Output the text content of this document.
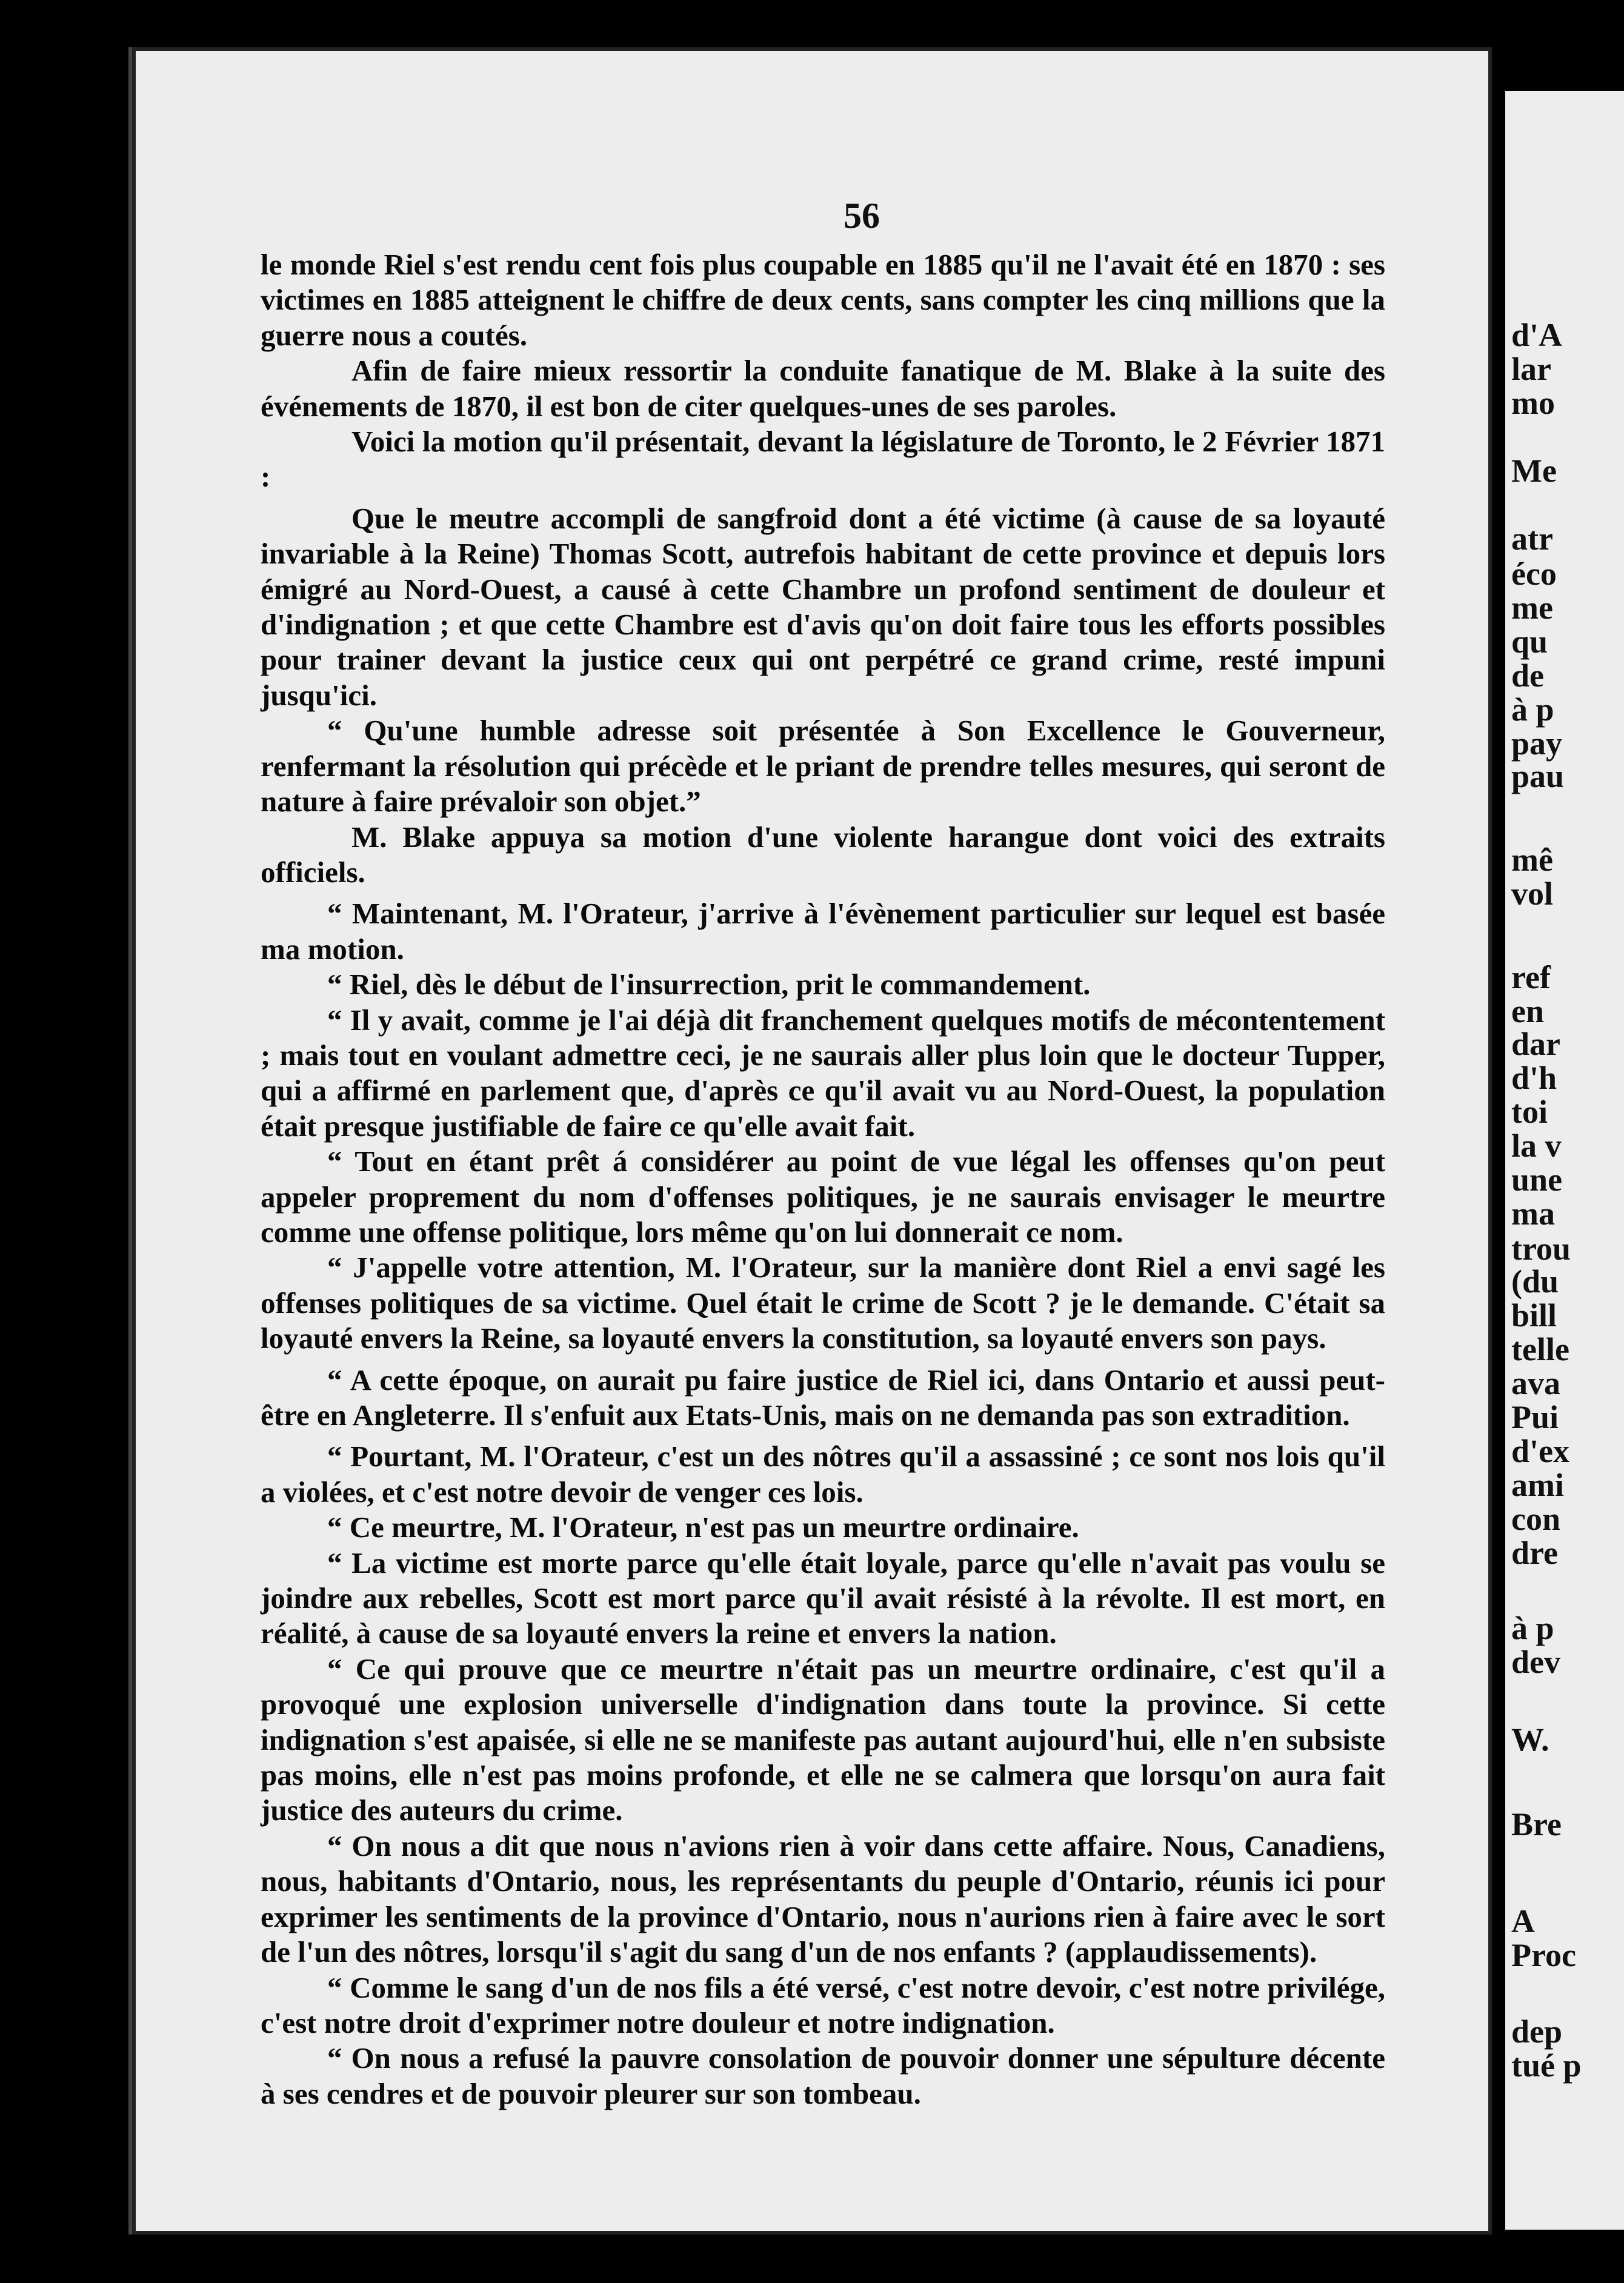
56

le monde Riel s'est rendu cent fois plus coupable en 1885 qu'il ne l'avait été en 1870 : ses victimes en 1885 atteignent le chiffre de deux cents, sans compter les cinq millions que la guerre nous a coutés.

Afin de faire mieux ressortir la conduite fanatique de M. Blake à la suite des événements de 1870, il est bon de citer quelques-unes de ses paroles.

Voici la motion qu'il présentait, devant la législature de Toronto, le 2 Février 1871 :

Que le meutre accompli de sangfroid dont a été victime (à cause de sa loyauté invariable à la Reine) Thomas Scott, autrefois habitant de cette province et depuis lors émigré au Nord-Ouest, a causé à cette Chambre un profond sentiment de douleur et d'indignation ; et que cette Chambre est d'avis qu'on doit faire tous les efforts possibles pour trainer devant la justice ceux qui ont perpétré ce grand crime, resté impuni jusqu'ici.

“ Qu'une humble adresse soit présentée à Son Excellence le Gouverneur, renfermant la résolution qui précède et le priant de prendre telles mesures, qui seront de nature à faire prévaloir son objet.”

M. Blake appuya sa motion d'une violente harangue dont voici des extraits officiels.

“ Maintenant, M. l'Orateur, j'arrive à l'évènement particulier sur lequel est basée ma motion.

“ Riel, dès le début de l'insurrection, prit le commandement.

“ Il y avait, comme je l'ai déjà dit franchement quelques motifs de mécontentement ; mais tout en voulant admettre ceci, je ne saurais aller plus loin que le docteur Tupper, qui a affirmé en parlement que, d'après ce qu'il avait vu au Nord-Ouest, la population était presque justifiable de faire ce qu'elle avait fait.

“ Tout en étant prêt á considérer au point de vue légal les offenses qu'on peut appeler proprement du nom d'offenses politiques, je ne saurais envisager le meurtre comme une offense politique, lors même qu'on lui donnerait ce nom.

“ J'appelle votre attention, M. l'Orateur, sur la manière dont Riel a envi sagé les offenses politiques de sa victime. Quel était le crime de Scott ? je le demande. C'était sa loyauté envers la Reine, sa loyauté envers la constitution, sa loyauté envers son pays.

“ A cette époque, on aurait pu faire justice de Riel ici, dans Ontario et aussi peut-être en Angleterre. Il s'enfuit aux Etats-Unis, mais on ne demanda pas son extradition.

“ Pourtant, M. l'Orateur, c'est un des nôtres qu'il a assassiné ; ce sont nos lois qu'il a violées, et c'est notre devoir de venger ces lois.

“ Ce meurtre, M. l'Orateur, n'est pas un meurtre ordinaire.

“ La victime est morte parce qu'elle était loyale, parce qu'elle n'avait pas voulu se joindre aux rebelles, Scott est mort parce qu'il avait résisté à la révolte. Il est mort, en réalité, à cause de sa loyauté envers la reine et envers la nation.

“ Ce qui prouve que ce meurtre n'était pas un meurtre ordinaire, c'est qu'il a provoqué une explosion universelle d'indignation dans toute la province. Si cette indignation s'est apaisée, si elle ne se manifeste pas autant aujourd'hui, elle n'en subsiste pas moins, elle n'est pas moins profonde, et elle ne se calmera que lorsqu'on aura fait justice des auteurs du crime.

“ On nous a dit que nous n'avions rien à voir dans cette affaire. Nous, Canadiens, nous, habitants d'Ontario, nous, les représentants du peuple d'Ontario, réunis ici pour exprimer les sentiments de la province d'Ontario, nous n'aurions rien à faire avec le sort de l'un des nôtres, lorsqu'il s'agit du sang d'un de nos enfants ? (applaudissements).

“ Comme le sang d'un de nos fils a été versé, c'est notre devoir, c'est notre privilége, c'est notre droit d'exprimer notre douleur et notre indignation.

“ On nous a refusé la pauvre consolation de pouvoir donner une sépulture décente à ses cendres et de pouvoir pleurer sur son tombeau.

d'A
lar
mo
Me
atr
éco
me
qu
de
à p
pay
pau
mê
vol
ref
en
dar
d'h
toi
la v
une
ma
trou
(du
bill
telle
ava
Pui
d'ex
ami
con
dre
à p
dev
W.
Bre
A
Proc
dep
tué p
